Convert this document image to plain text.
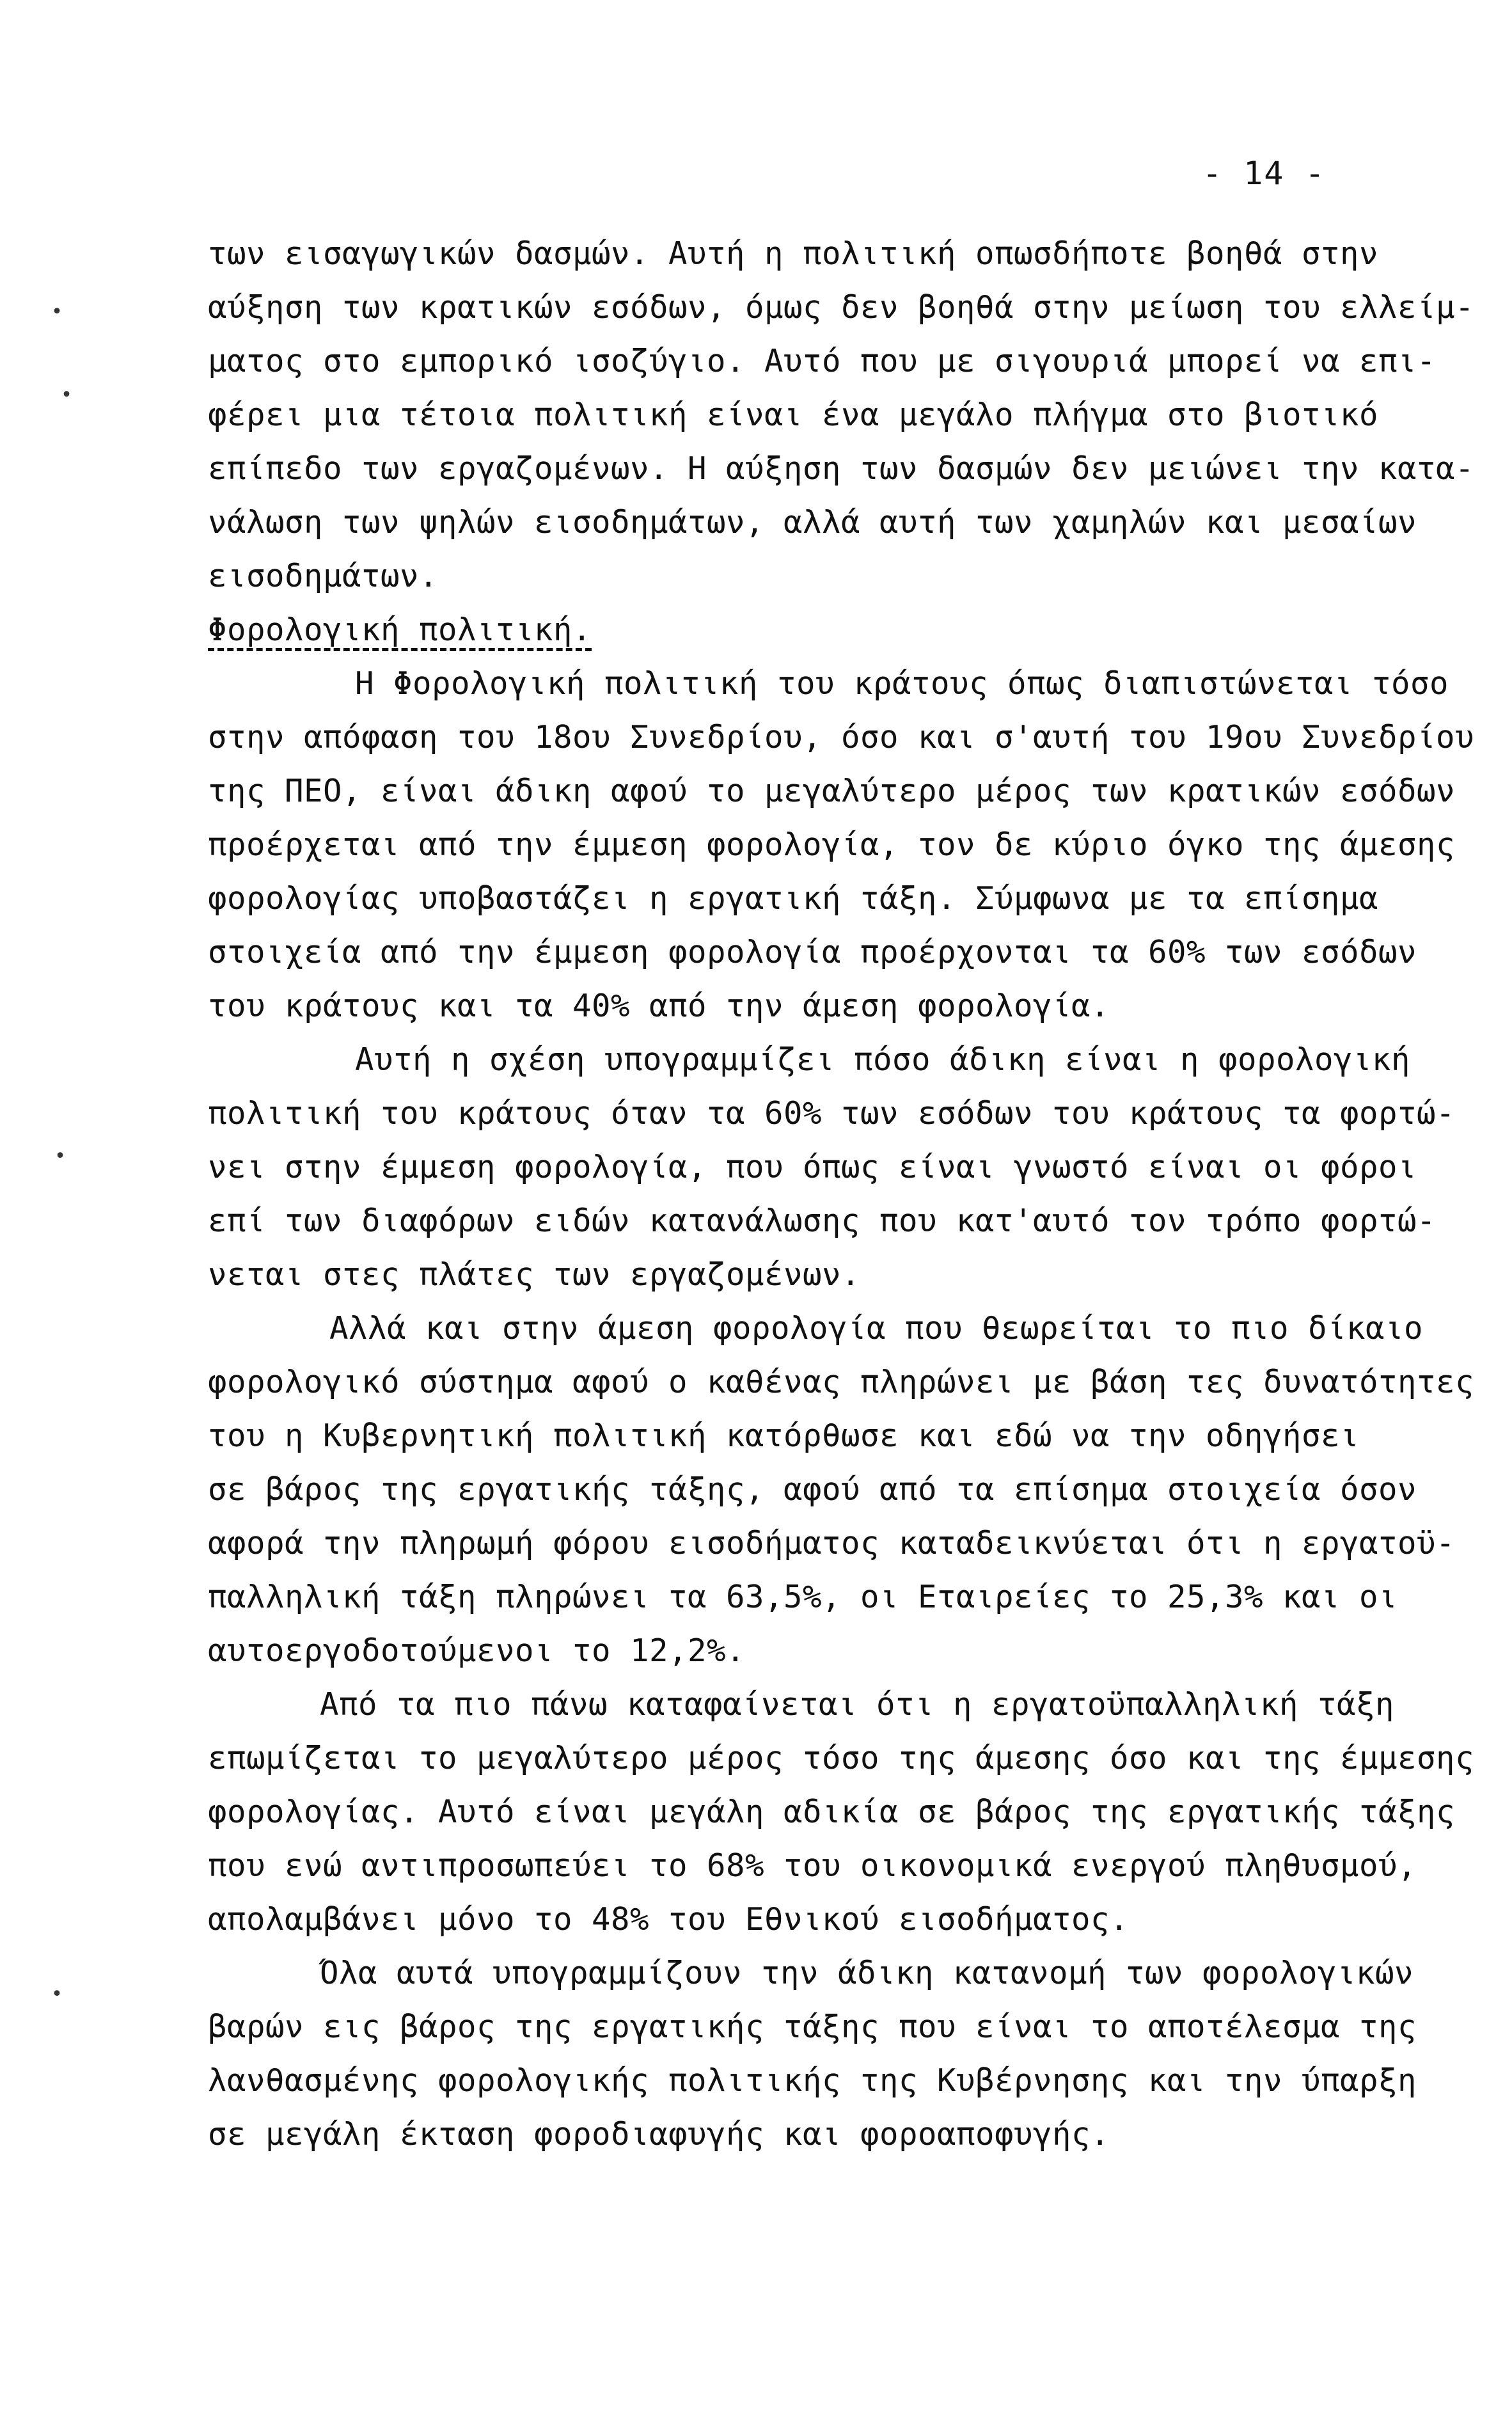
- 14 -
των εισαγωγικών δασμών. Αυτή η πολιτική οπωσδήποτε βοηθά στην
αύξηση των κρατικών εσόδων, όμως δεν βοηθά στην μείωση του ελλείμ-
ματος στο εμπορικό ισοζύγιο. Αυτό που με σιγουριά μπορεί να επι-
φέρει μια τέτοια πολιτική είναι ένα μεγάλο πλήγμα στο βιοτικό
επίπεδο των εργαζομένων. Η αύξηση των δασμών δεν μειώνει την κατα-
νάλωση των ψηλών εισοδημάτων, αλλά αυτή των χαμηλών και μεσαίων
εισοδημάτων.
Φορολογική πολιτική.
Η Φορολογική πολιτική του κράτους όπως διαπιστώνεται τόσο
στην απόφαση του 18ου Συνεδρίου, όσο και σ'αυτή του 19ου Συνεδρίου
της ΠΕΟ, είναι άδικη αφού το μεγαλύτερο μέρος των κρατικών εσόδων
προέρχεται από την έμμεση φορολογία, τον δε κύριο όγκο της άμεσης
φορολογίας υποβαστάζει η εργατική τάξη. Σύμφωνα με τα επίσημα
στοιχεία από την έμμεση φορολογία προέρχονται τα 60% των εσόδων
του κράτους και τα 40% από την άμεση φορολογία.
Αυτή η σχέση υπογραμμίζει πόσο άδικη είναι η φορολογική
πολιτική του κράτους όταν τα 60% των εσόδων του κράτους τα φορτώ-
νει στην έμμεση φορολογία, που όπως είναι γνωστό είναι οι φόροι
επί των διαφόρων ειδών κατανάλωσης που κατ'αυτό τον τρόπο φορτώ-
νεται στες πλάτες των εργαζομένων.
Αλλά και στην άμεση φορολογία που θεωρείται το πιο δίκαιο
φορολογικό σύστημα αφού ο καθένας πληρώνει με βάση τες δυνατότητες
του η Κυβερνητική πολιτική κατόρθωσε και εδώ να την οδηγήσει
σε βάρος της εργατικής τάξης, αφού από τα επίσημα στοιχεία όσον
αφορά την πληρωμή φόρου εισοδήματος καταδεικνύεται ότι η εργατοϋ-
παλληλική τάξη πληρώνει τα 63,5%, οι Εταιρείες το 25,3% και οι
αυτοεργοδοτούμενοι το 12,2%.
Από τα πιο πάνω καταφαίνεται ότι η εργατοϋπαλληλική τάξη
επωμίζεται το μεγαλύτερο μέρος τόσο της άμεσης όσο και της έμμεσης
φορολογίας. Αυτό είναι μεγάλη αδικία σε βάρος της εργατικής τάξης
που ενώ αντιπροσωπεύει το 68% του οικονομικά ενεργού πληθυσμού,
απολαμβάνει μόνο το 48% του Εθνικού εισοδήματος.
Όλα αυτά υπογραμμίζουν την άδικη κατανομή των φορολογικών
βαρών εις βάρος της εργατικής τάξης που είναι το αποτέλεσμα της
λανθασμένης φορολογικής πολιτικής της Κυβέρνησης και την ύπαρξη
σε μεγάλη έκταση φοροδιαφυγής και φοροαποφυγής.
•
•
•
•
